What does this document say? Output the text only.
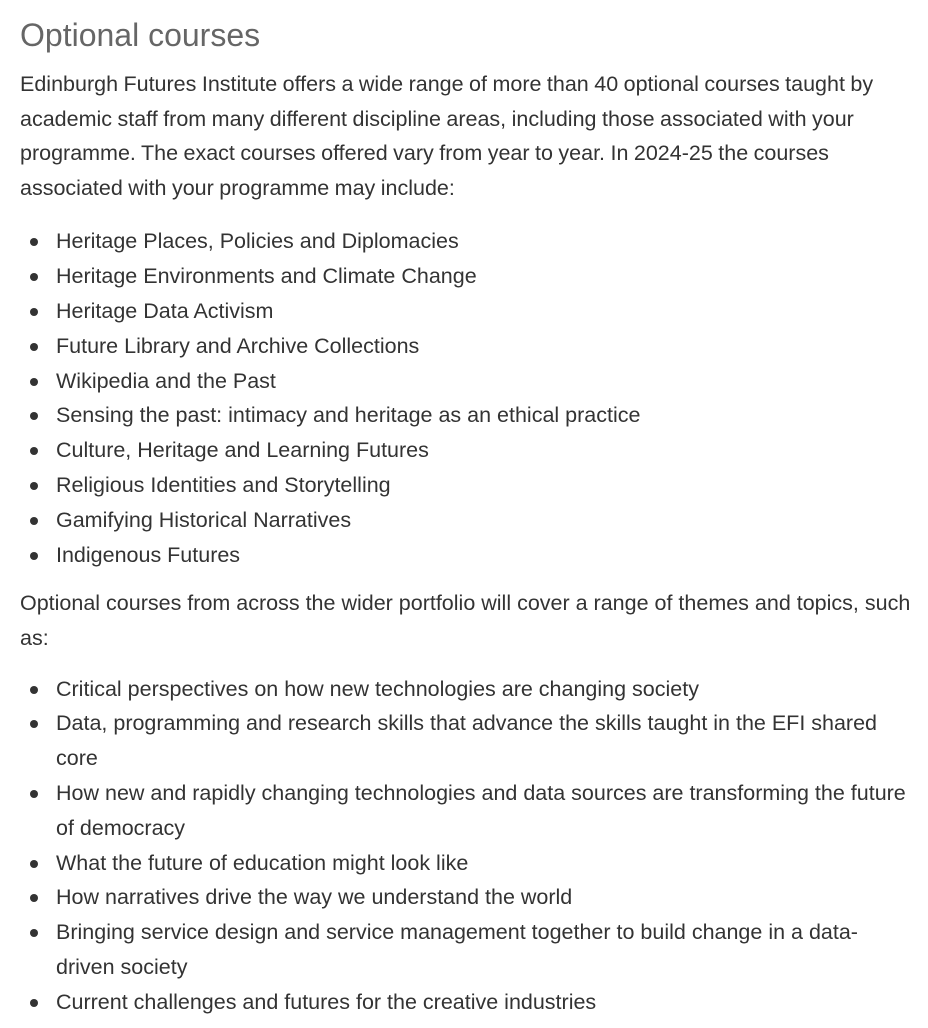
Optional courses

Edinburgh Futures Institute offers a wide range of more than 40 optional courses taught by academic staff from many different discipline areas, including those associated with your programme. The exact courses offered vary from year to year. In 2024-25 the courses associated with your programme may include:

Heritage Places, Policies and Diplomacies
Heritage Environments and Climate Change
Heritage Data Activism
Future Library and Archive Collections
Wikipedia and the Past
Sensing the past: intimacy and heritage as an ethical practice
Culture, Heritage and Learning Futures
Religious Identities and Storytelling
Gamifying Historical Narratives
Indigenous Futures

Optional courses from across the wider portfolio will cover a range of themes and topics, such as:

Critical perspectives on how new technologies are changing society
Data, programming and research skills that advance the skills taught in the EFI shared core
How new and rapidly changing technologies and data sources are transforming the future of democracy
What the future of education might look like
How narratives drive the way we understand the world
Bringing service design and service management together to build change in a data-driven society
Current challenges and futures for the creative industries
